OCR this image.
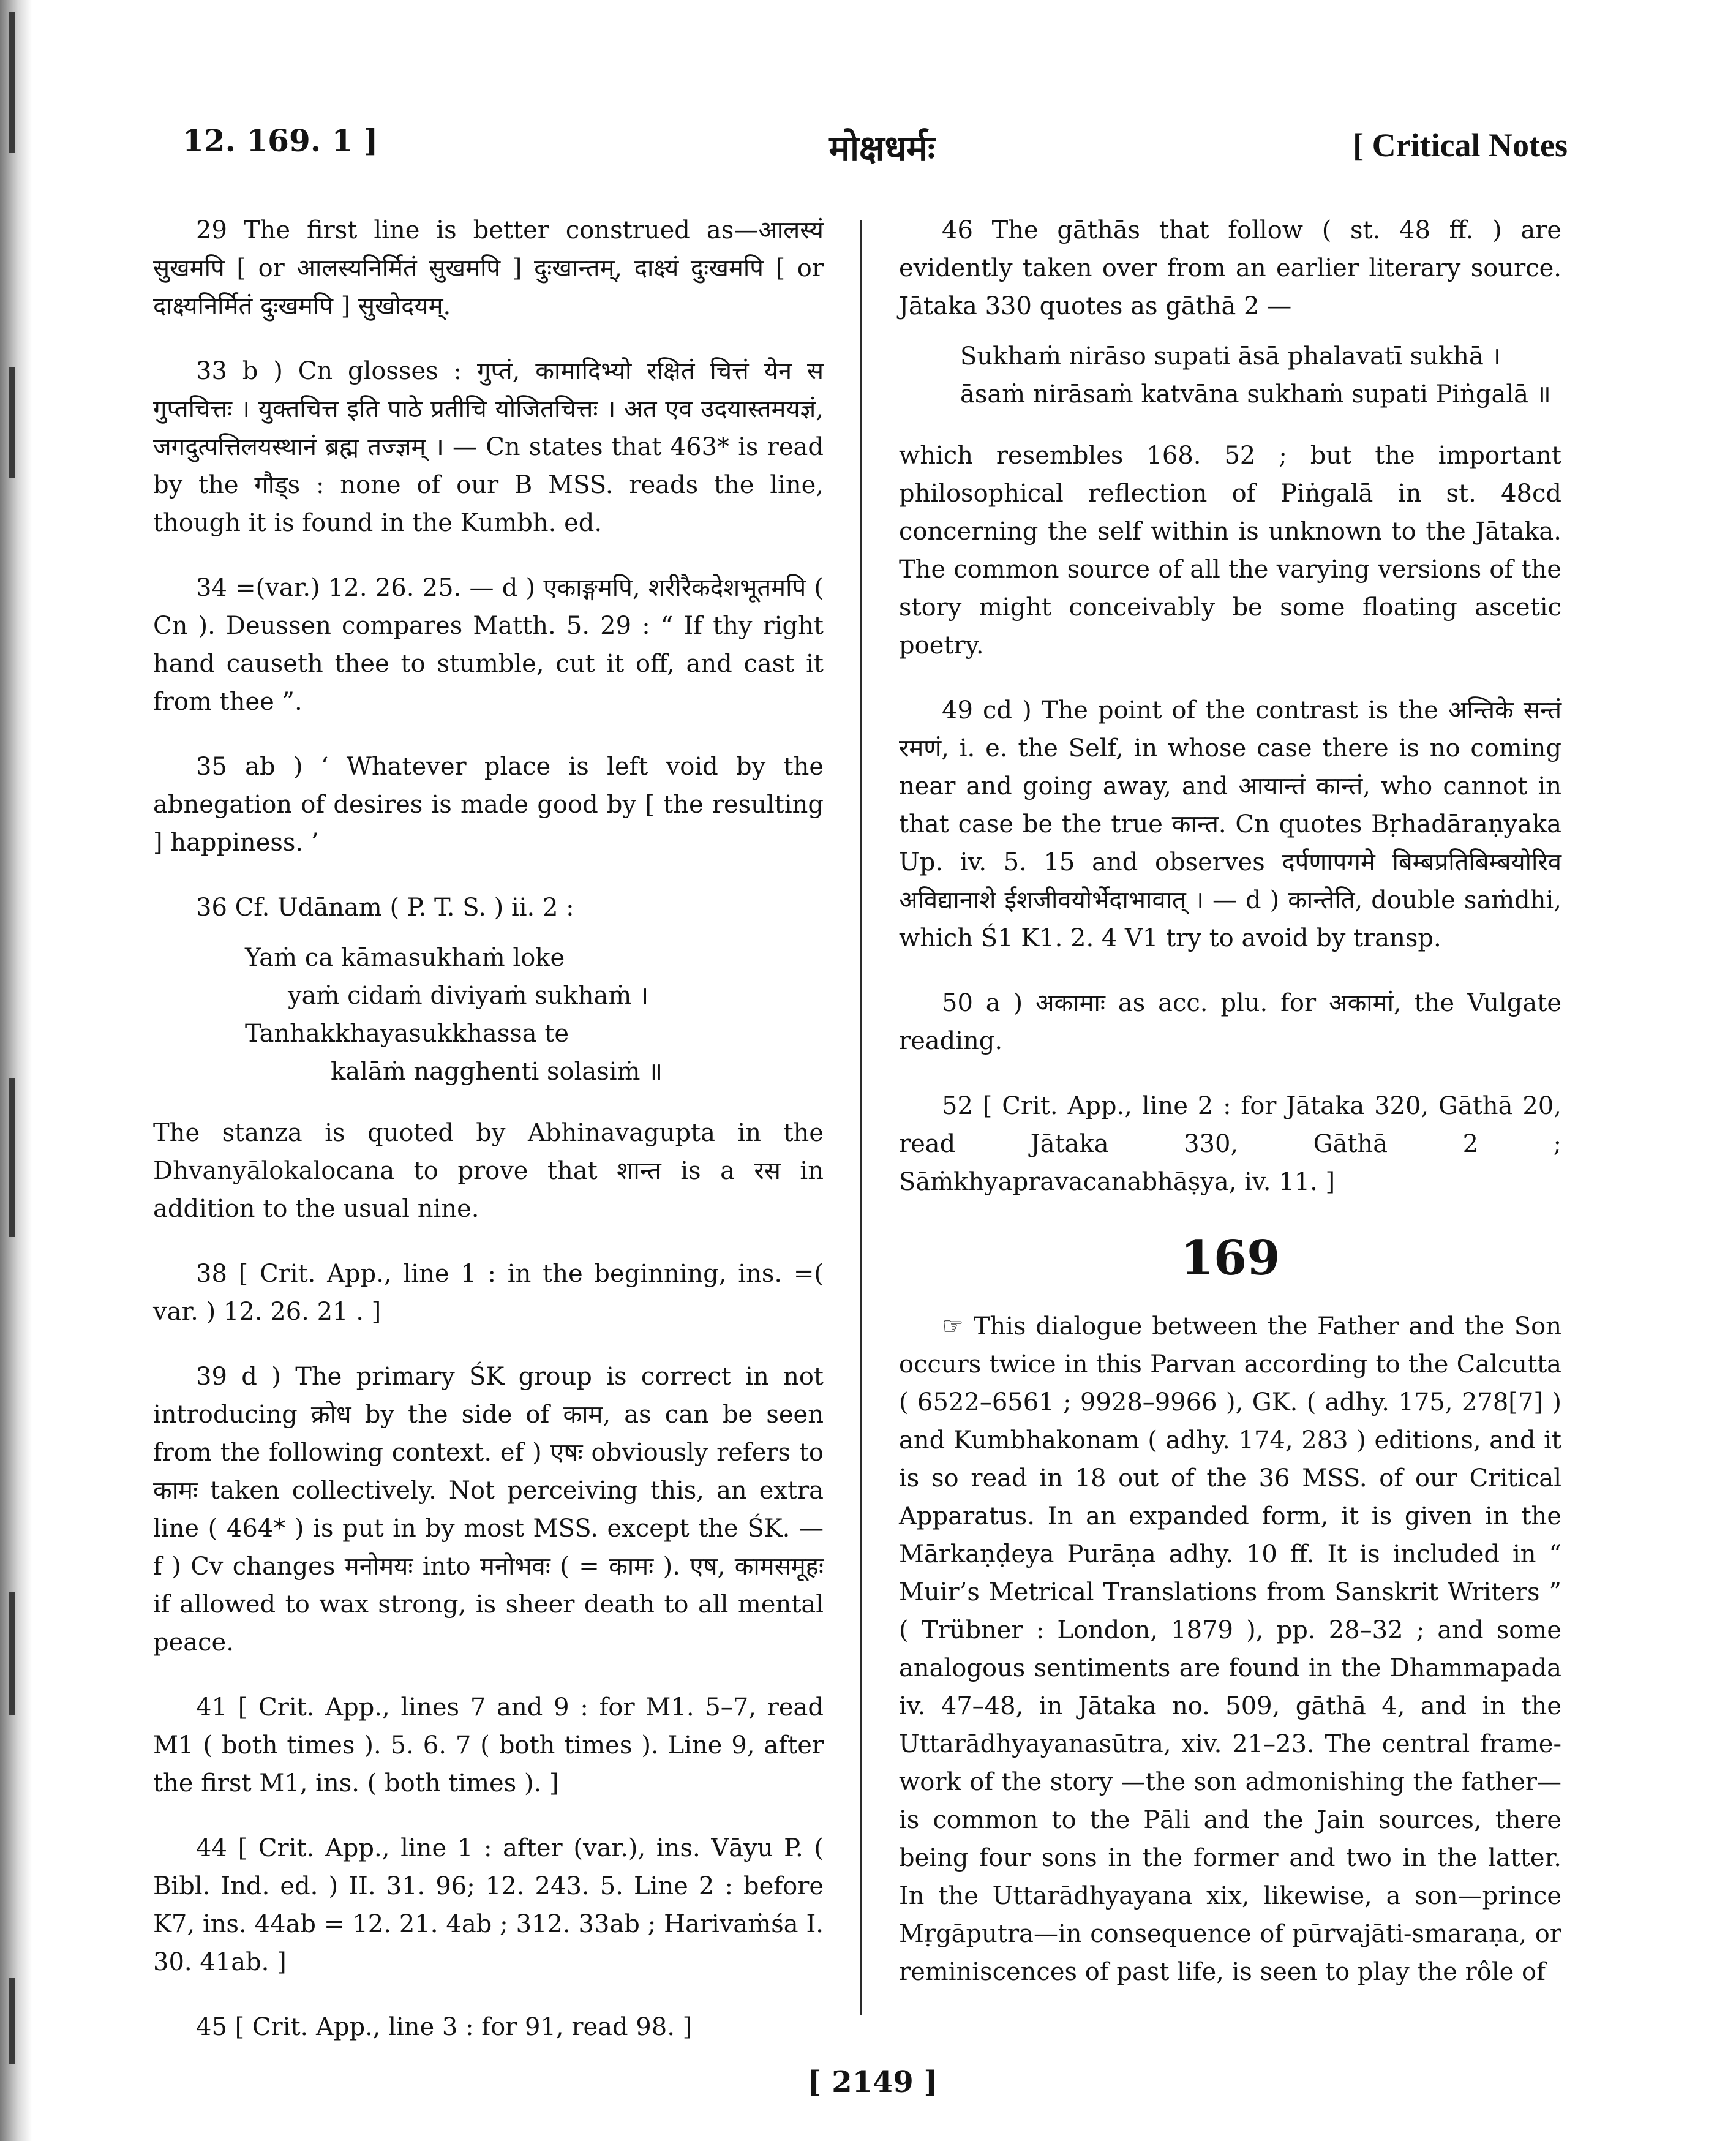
12. 169. 1 ]	मोक्षधर्मः	[ Critical Notes
29 The first line is better construed as—आलस्यं सुखमपि [ or आलस्यनिर्मितं सुखमपि ] दुःखान्तम्, दाक्ष्यं दुःखमपि [ or दाक्ष्यनिर्मितं दुःखमपि ] सुखोदयम्.
33 b ) Cn glosses : गुप्तं, कामादिभ्यो रक्षितं चित्तं येन स गुप्तचित्तः । युक्तचित्त इति पाठे प्रतीचि योजितचित्तः । अत एव उदयास्तमयज्ञं, जगदुत्पत्तिलयस्थानं ब्रह्म तज्ज्ञम् । — Cn states that 463* is read by the गौड्s : none of our B MSS. reads the line, though it is found in the Kumbh. ed.
34 =(var.) 12. 26. 25. — d ) एकाङ्गमपि, शरीरैकदेशभूतमपि ( Cn ). Deussen compares Matth. 5. 29 : “ If thy right hand causeth thee to stumble, cut it off, and cast it from thee ”.
35 ab ) ‘ Whatever place is left void by the abnegation of desires is made good by [ the resulting ] happiness. ’
36 Cf. Udānam ( P. T. S. ) ii. 2 :
Yaṁ ca kāmasukhaṁ loke
yaṁ cidaṁ diviyaṁ sukhaṁ ।
Tanhakkhayasukkhassa te
kalāṁ nagghenti solasiṁ ॥
The stanza is quoted by Abhinavagupta in the Dhvanyālokalocana to prove that शान्त is a रस in addition to the usual nine.
38 [ Crit. App., line 1 : in the beginning, ins. =( var. ) 12. 26. 21 . ]
39 d ) The primary ŚK group is correct in not introducing क्रोध by the side of काम, as can be seen from the following context. ef ) एषः obviously refers to कामः taken collectively. Not perceiving this, an extra line ( 464* ) is put in by most MSS. except the ŚK. — f ) Cv changes मनोमयः into मनोभवः ( = कामः ). एष, कामसमूहः if allowed to wax strong, is sheer death to all mental peace.
41 [ Crit. App., lines 7 and 9 : for M1. 5–7, read M1 ( both times ). 5. 6. 7 ( both times ). Line 9, after the first M1, ins. ( both times ). ]
44 [ Crit. App., line 1 : after (var.), ins. Vāyu P. ( Bibl. Ind. ed. ) II. 31. 96; 12. 243. 5. Line 2 : before K7, ins. 44ab = 12. 21. 4ab ; 312. 33ab ; Harivaṁśa I. 30. 41ab. ]
45 [ Crit. App., line 3 : for 91, read 98. ]
46 The gāthās that follow ( st. 48 ff. ) are evidently taken over from an earlier literary source. Jātaka 330 quotes as gāthā 2 —
Sukhaṁ nirāso supati āsā phalavatī sukhā ।
āsaṁ nirāsaṁ katvāna sukhaṁ supati Piṅgalā ॥
which resembles 168. 52 ; but the important philosophical reflection of Piṅgalā in st. 48cd concerning the self within is unknown to the Jātaka. The common source of all the varying versions of the story might conceivably be some floating ascetic poetry.
49 cd ) The point of the contrast is the अन्तिके सन्तं रमणं, i. e. the Self, in whose case there is no coming near and going away, and आयान्तं कान्तं, who cannot in that case be the true कान्त. Cn quotes Bṛhadāraṇyaka Up. iv. 5. 15 and observes दर्पणापगमे बिम्बप्रतिबिम्बयोरिव अविद्यानाशे ईशजीवयोर्भेदाभावात् । — d ) कान्तेति, double saṁdhi, which Ś1 K1. 2. 4 V1 try to avoid by transp.
50 a ) अकामाः as acc. plu. for अकामां, the Vulgate reading.
52 [ Crit. App., line 2 : for Jātaka 320, Gāthā 20, read Jātaka 330, Gāthā 2 ; Sāṁkhyapravacanabhāṣya, iv. 11. ]
169
☞ This dialogue between the Father and the Son occurs twice in this Parvan according to the Calcutta ( 6522–6561 ; 9928–9966 ), GK. ( adhy. 175, 278[7] ) and Kumbhakonam ( adhy. 174, 283 ) editions, and it is so read in 18 out of the 36 MSS. of our Critical Apparatus. In an expanded form, it is given in the Mārkaṇḍeya Purāṇa adhy. 10 ff. It is included in “ Muir’s Metrical Translations from Sanskrit Writers ” ( Trübner : London, 1879 ), pp. 28–32 ; and some analogous sentiments are found in the Dhammapada iv. 47–48, in Jātaka no. 509, gāthā 4, and in the Uttarādhyayanasūtra, xiv. 21–23. The central frame-work of the story —the son admonishing the father—is common to the Pāli and the Jain sources, there being four sons in the former and two in the latter. In the Uttarādhyayana xix, likewise, a son—prince Mṛgāputra—in consequence of pūrvajāti-smaraṇa, or reminiscences of past life, is seen to play the rôle of
[ 2149 ]
